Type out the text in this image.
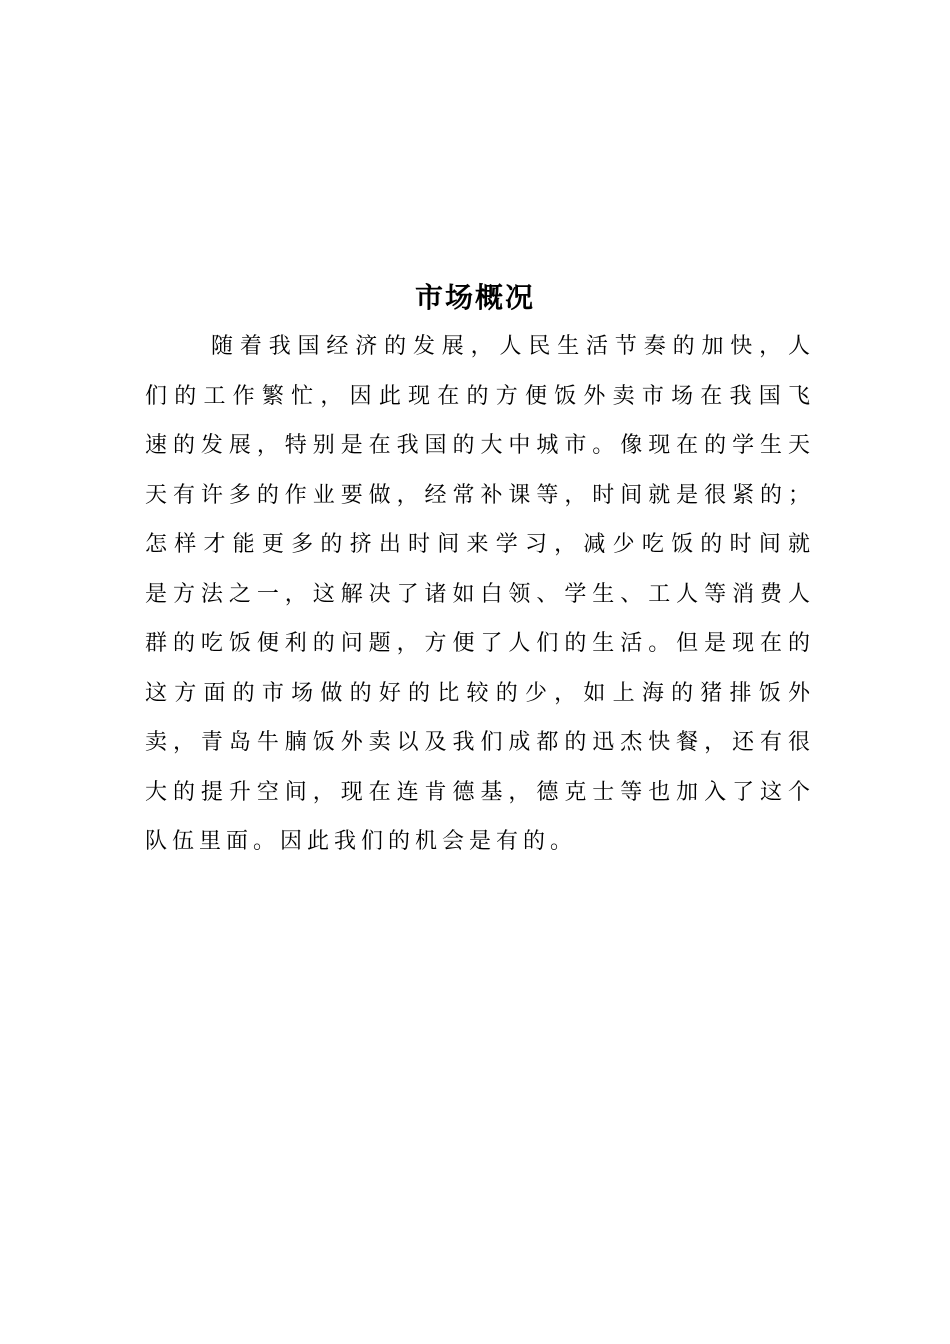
市场概况
随着我国经济的发展，人民生活节奏的加快，人
们的工作繁忙，因此现在的方便饭外卖市场在我国飞
速的发展，特别是在我国的大中城市。像现在的学生天
天有许多的作业要做，经常补课等，时间就是很紧的；
怎样才能更多的挤出时间来学习，减少吃饭的时间就
是方法之一，这解决了诸如白领、学生、工人等消费人
群的吃饭便利的问题，方便了人们的生活。但是现在的
这方面的市场做的好的比较的少，如上海的猪排饭外
卖，青岛牛腩饭外卖以及我们成都的迅杰快餐，还有很
大的提升空间，现在连肯德基，德克士等也加入了这个
队伍里面。因此我们的机会是有的。
